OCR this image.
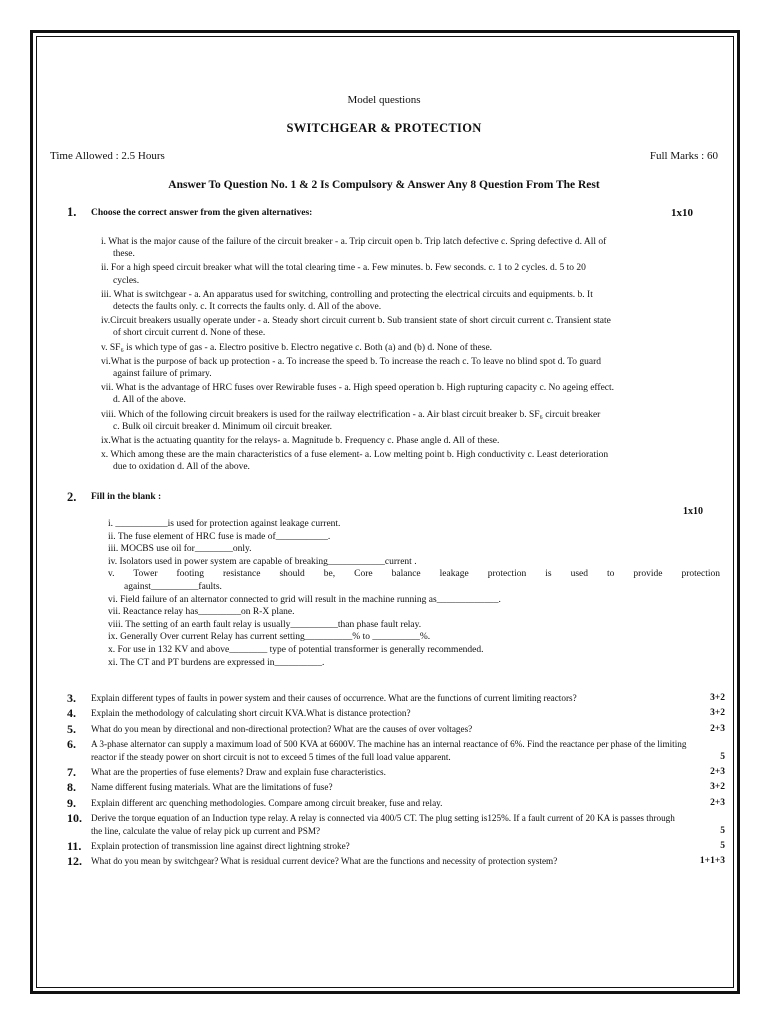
Model questions
SWITCHGEAR & PROTECTION
Time Allowed : 2.5 Hours	Full Marks : 60
Answer To Question No. 1 & 2 Is Compulsory & Answer Any 8 Question From The Rest
1. Choose the correct answer from the given alternatives:	1x10
i. What is the major cause of the failure of the circuit breaker - a. Trip circuit open b. Trip latch defective c. Spring defective d. All of
these.
ii. For a high speed circuit breaker what will the total clearing time - a. Few minutes. b. Few seconds. c. 1 to 2 cycles. d. 5 to 20
cycles.
iii. What is switchgear - a. An apparatus used for switching, controlling and protecting the electrical circuits and equipments. b. It
detects the faults only. c. It corrects the faults only. d. All of the above.
iv.Circuit breakers usually operate under - a. Steady short circuit current b. Sub transient state of short circuit current c. Transient state
of short circuit current d. None of these.
v. SF₆ is which type of gas - a. Electro positive b. Electro negative c. Both (a) and (b) d. None of these.
vi.What is the purpose of back up protection - a. To increase the speed b. To increase the reach c. To leave no blind spot d. To guard
against failure of primary.
vii. What is the advantage of HRC fuses over Rewirable fuses - a. High speed operation b. High rupturing capacity c. No ageing effect.
d. All of the above.
viii. Which of the following circuit breakers is used for the railway electrification - a. Air blast circuit breaker b. SF₆ circuit breaker
c. Bulk oil circuit breaker d. Minimum oil circuit breaker.
ix.What is the actuating quantity for the relays- a. Magnitude b. Frequency c. Phase angle d. All of these.
x. Which among these are the main characteristics of a fuse element- a. Low melting point b. High conductivity c. Least deterioration
due to oxidation d. All of the above.
2. Fill in the blank :
1x10
i. ___________is used for protection against leakage current.
ii. The fuse element of HRC fuse is made of___________.
iii. MOCBS use oil for________only.
iv. Isolators used in power system are capable of breaking____________current .
v. Tower footing resistance should be, Core balance leakage protection is used to provide protection
against__________faults.
vi. Field failure of an alternator connected to grid will result in the machine running as_____________.
vii. Reactance relay has_________on R-X plane.
viii. The setting of an earth fault relay is usually__________than phase fault relay.
ix. Generally Over current Relay has current setting__________% to __________%.
x. For use in 132 KV and above________ type of potential transformer is generally recommended.
xi. The CT and PT burdens are expressed in__________.
3. Explain different types of faults in power system and their causes of occurrence. What are the functions of current limiting reactors?	3+2
4. Explain the methodology of calculating short circuit KVA.What is distance protection?	3+2
5. What do you mean by directional and non-directional protection? What are the causes of over voltages?	2+3
6. A 3-phase alternator can supply a maximum load of 500 KVA at 6600V. The machine has an internal reactance of 6%. Find the reactance per phase of the limiting reactor if the steady power on short circuit is not to exceed 5 times of the full load value apparent.	5
7. What are the properties of fuse elements? Draw and explain fuse characteristics.	2+3
8. Name different fusing materials. What are the limitations of fuse?	3+2
9. Explain different arc quenching methodologies. Compare among circuit breaker, fuse and relay.	2+3
10. Derive the torque equation of an Induction type relay. A relay is connected via 400/5 CT. The plug setting is125%. If a fault current of 20 KA is passes through the line, calculate the value of relay pick up current and PSM?	5
11. Explain protection of transmission line against direct lightning stroke?	5
12. What do you mean by switchgear? What is residual current device? What are the functions and necessity of protection system?	1+1+3
